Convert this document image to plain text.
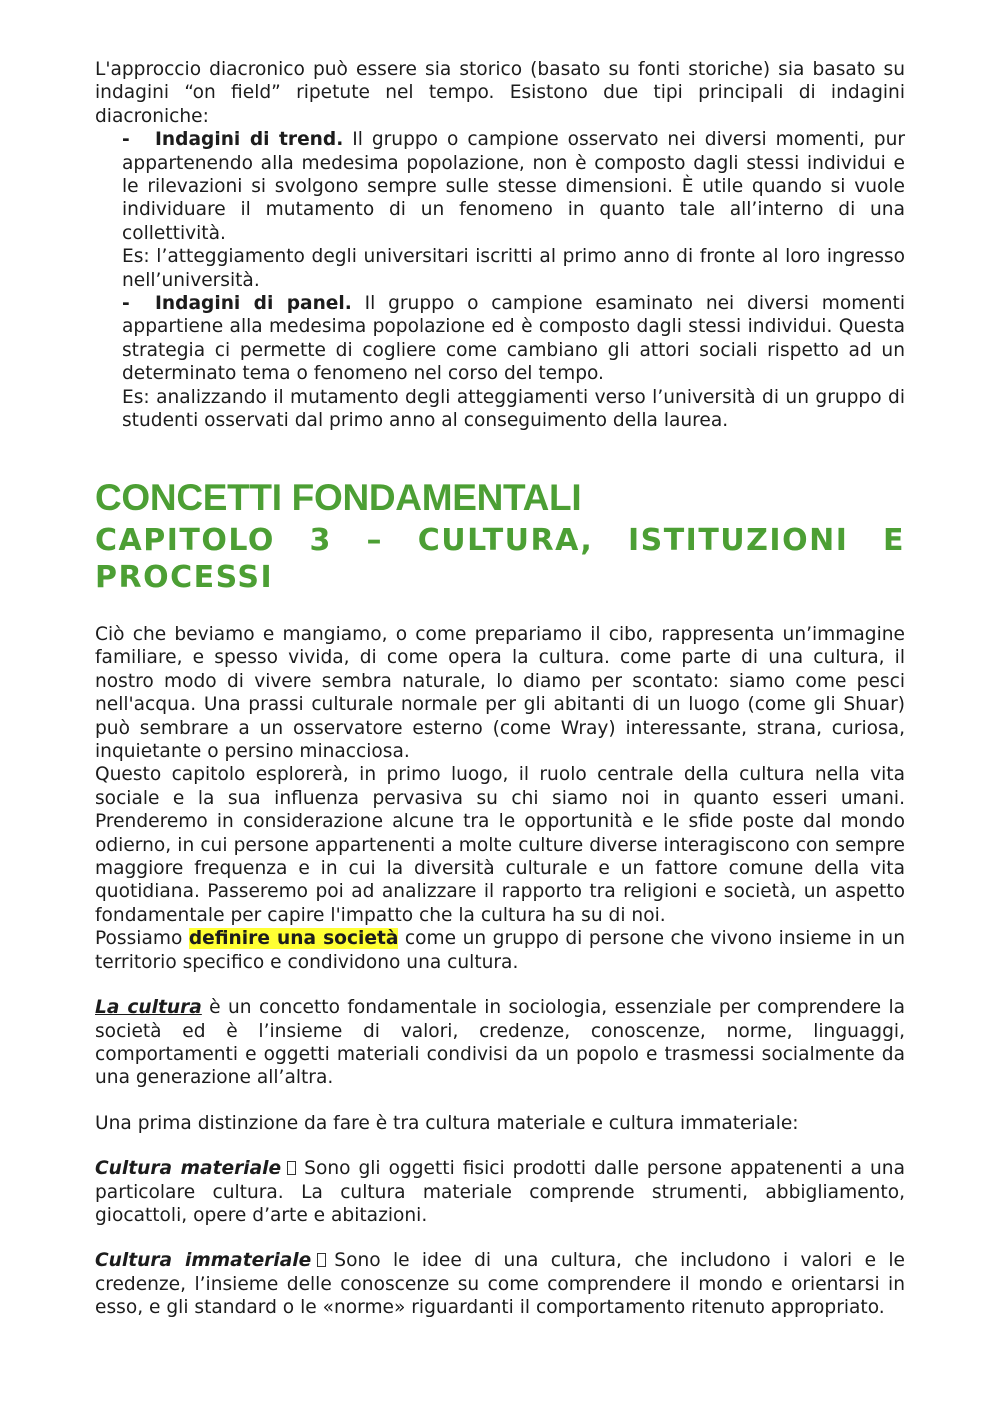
L'approccio diacronico può essere sia storico (basato su fonti storiche) sia basato su indagini “on field” ripetute nel tempo. Esistono due tipi principali di indagini diacroniche:

- Indagini di trend. Il gruppo o campione osservato nei diversi momenti, pur appartenendo alla medesima popolazione, non è composto dagli stessi individui e le rilevazioni si svolgono sempre sulle stesse dimensioni. È utile quando si vuole individuare il mutamento di un fenomeno in quanto tale all’interno di una collettività.

Es: l’atteggiamento degli universitari iscritti al primo anno di fronte al loro ingresso nell’università.

- Indagini di panel. Il gruppo o campione esaminato nei diversi momenti appartiene alla medesima popolazione ed è composto dagli stessi individui. Questa strategia ci permette di cogliere come cambiano gli attori sociali rispetto ad un determinato tema o fenomeno nel corso del tempo.

Es: analizzando il mutamento degli atteggiamenti verso l’università di un gruppo di studenti osservati dal primo anno al conseguimento della laurea.

CONCETTI FONDAMENTALI
CAPITOLO 3 – CULTURA, ISTITUZIONI E PROCESSI

Ciò che beviamo e mangiamo, o come prepariamo il cibo, rappresenta un’immagine familiare, e spesso vivida, di come opera la cultura. come parte di una cultura, il nostro modo di vivere sembra naturale, lo diamo per scontato: siamo come pesci nell'acqua. Una prassi culturale normale per gli abitanti di un luogo (come gli Shuar) può sembrare a un osservatore esterno (come Wray) interessante, strana, curiosa, inquietante o persino minacciosa.

Questo capitolo esplorerà, in primo luogo, il ruolo centrale della cultura nella vita sociale e la sua influenza pervasiva su chi siamo noi in quanto esseri umani. Prenderemo in considerazione alcune tra le opportunità e le sfide poste dal mondo odierno, in cui persone appartenenti a molte culture diverse interagiscono con sempre maggiore frequenza e in cui la diversità culturale e un fattore comune della vita quotidiana. Passeremo poi ad analizzare il rapporto tra religioni e società, un aspetto fondamentale per capire l'impatto che la cultura ha su di noi.

Possiamo definire una società come un gruppo di persone che vivono insieme in un territorio specifico e condividono una cultura.

La cultura è un concetto fondamentale in sociologia, essenziale per comprendere la società ed è l’insieme di valori, credenze, conoscenze, norme, linguaggi, comportamenti e oggetti materiali condivisi da un popolo e trasmessi socialmente da una generazione all’altra.

Una prima distinzione da fare è tra cultura materiale e cultura immateriale:

Cultura materiale Sono gli oggetti fisici prodotti dalle persone appatenenti a una particolare cultura. La cultura materiale comprende strumenti, abbigliamento, giocattoli, opere d’arte e abitazioni.

Cultura immateriale Sono le idee di una cultura, che includono i valori e le credenze, l’insieme delle conoscenze su come comprendere il mondo e orientarsi in esso, e gli standard o le «norme» riguardanti il comportamento ritenuto appropriato.
